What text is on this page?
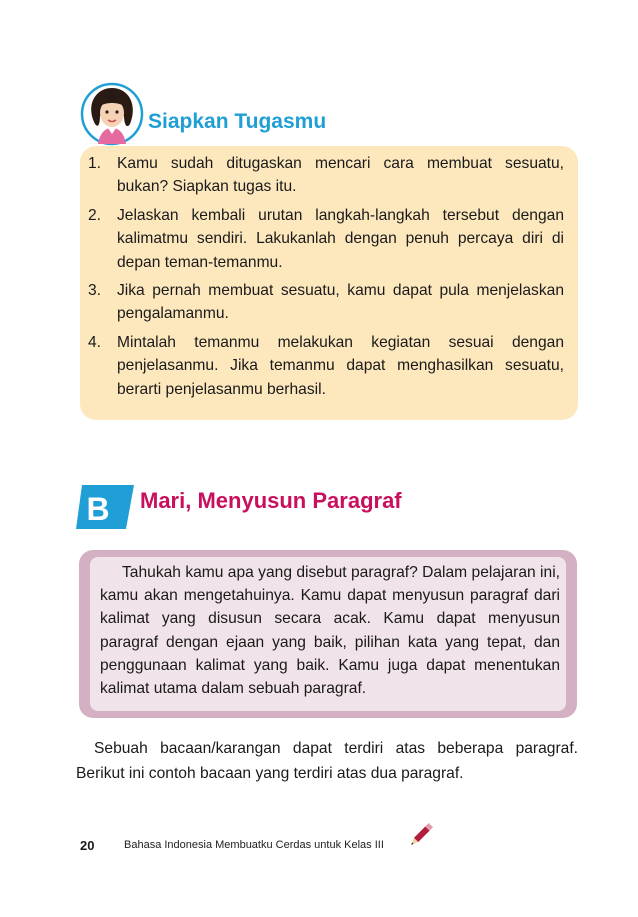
Siapkan Tugasmu
1. Kamu sudah ditugaskan mencari cara membuat sesuatu, bukan? Siapkan tugas itu.
2. Jelaskan kembali urutan langkah-langkah tersebut dengan kalimatmu sendiri. Lakukanlah dengan penuh percaya diri di depan teman-temanmu.
3. Jika pernah membuat sesuatu, kamu dapat pula menjelaskan pengalamanmu.
4. Mintalah temanmu melakukan kegiatan sesuai dengan penjelasanmu. Jika temanmu dapat menghasilkan sesuatu, berarti penjelasanmu berhasil.
B Mari, Menyusun Paragraf

Tahukah kamu apa yang disebut paragraf? Dalam pelajaran ini, kamu akan mengetahuinya. Kamu dapat menyusun paragraf dari kalimat yang disusun secara acak. Kamu dapat menyusun paragraf dengan ejaan yang baik, pilihan kata yang tepat, dan penggunaan kalimat yang baik. Kamu juga dapat menentukan kalimat utama dalam sebuah paragraf.

Sebuah bacaan/karangan dapat terdiri atas beberapa paragraf. Berikut ini contoh bacaan yang terdiri atas dua paragraf.

20	Bahasa Indonesia Membuatku Cerdas untuk Kelas III
